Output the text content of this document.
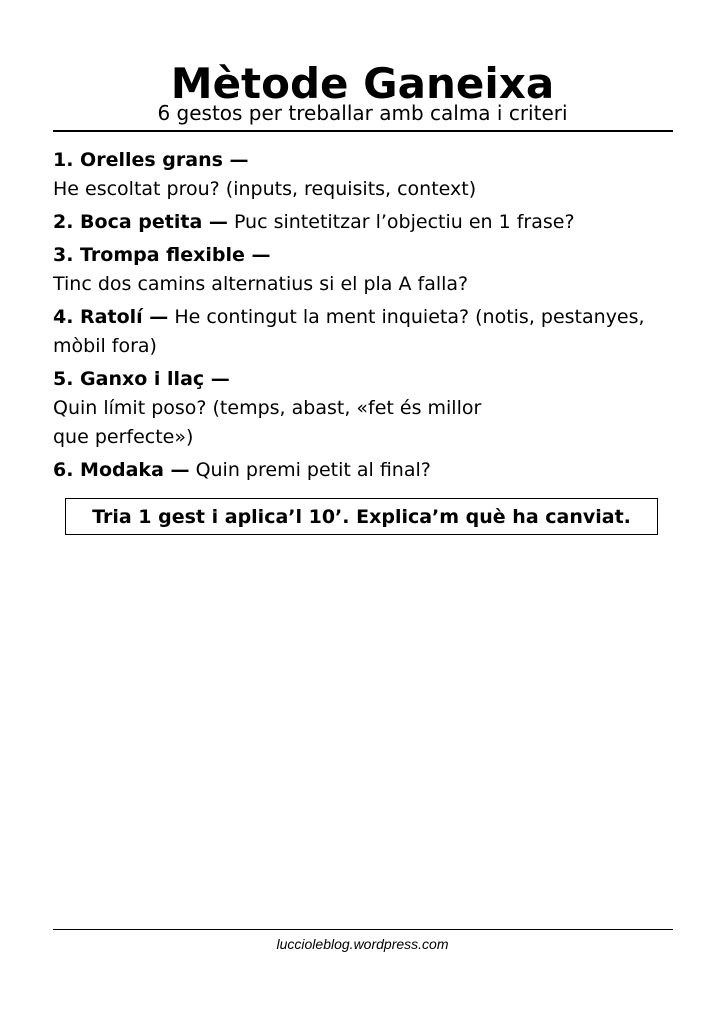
Mètode Ganeixa
6 gestos per treballar amb calma i criteri
1. Orelles grans —
He escoltat prou? (inputs, requisits, context)
2. Boca petita — Puc sintetitzar l’objectiu en 1 frase?
3. Trompa flexible —
Tinc dos camins alternatius si el pla A falla?
4. Ratolí — He contingut la ment inquieta? (notis, pestanyes, mòbil fora)
5. Ganxo i llaç —
Quin límit poso? (temps, abast, «fet és millor que perfecte»)
6. Modaka — Quin premi petit al final?
Tria 1 gest i aplica’l 10’. Explica’m què ha canviat.
luccioleblog.wordpress.com
